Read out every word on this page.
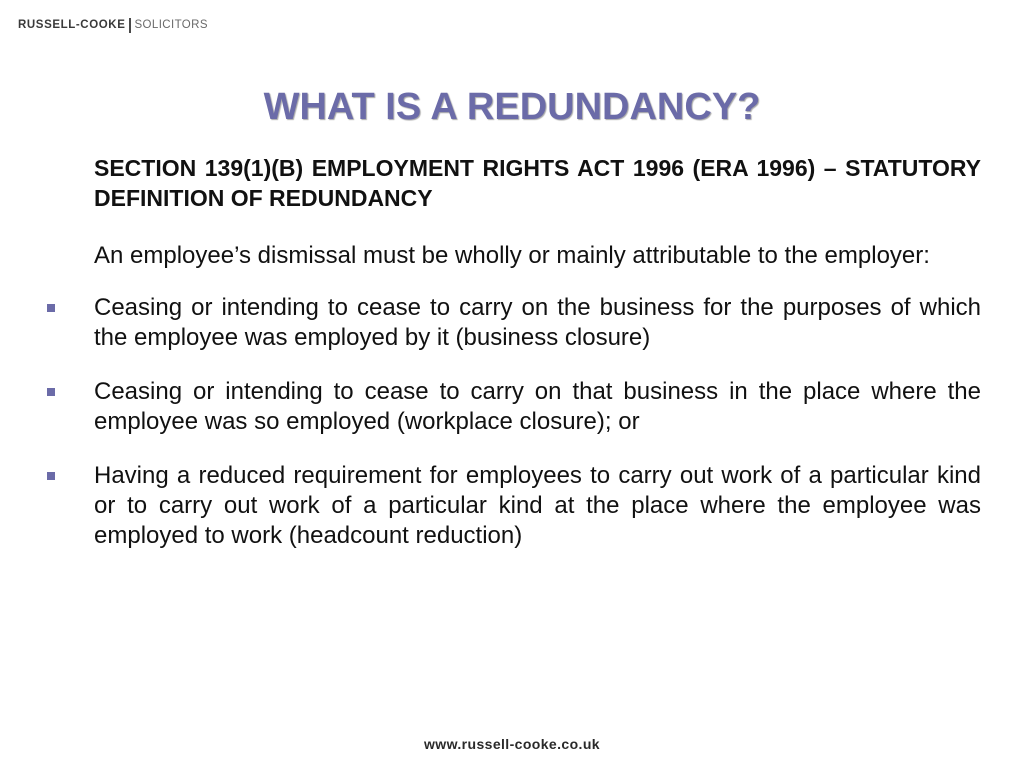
RUSSELL-COOKE SOLICITORS
WHAT IS A REDUNDANCY?

SECTION 139(1)(B) EMPLOYMENT RIGHTS ACT 1996 (ERA 1996) – STATUTORY DEFINITION OF REDUNDANCY

An employee’s dismissal must be wholly or mainly attributable to the employer:

Ceasing or intending to cease to carry on the business for the purposes of which the employee was employed by it (business closure)
Ceasing or intending to cease to carry on that business in the place where the employee was so employed (workplace closure); or
Having a reduced requirement for employees to carry out work of a particular kind or to carry out work of a particular kind at the place where the employee was employed to work (headcount reduction)
www.russell-cooke.co.uk
